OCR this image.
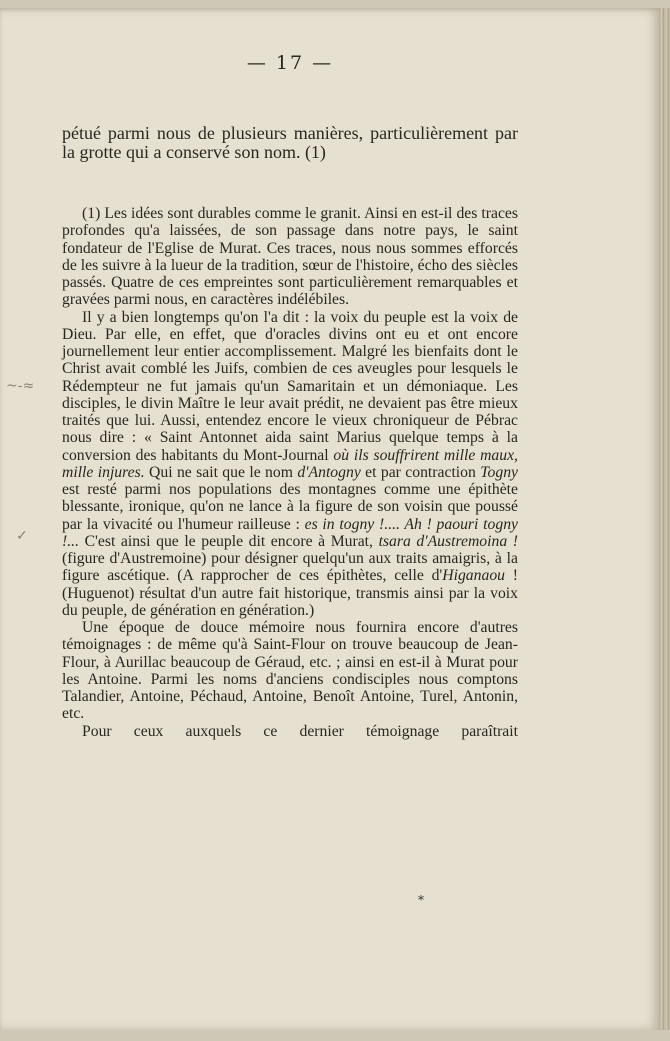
— 17 —

pétué parmi nous de plusieurs manières, particulièrement par la grotte qui a conservé son nom. (1)

(1) Les idées sont durables comme le granit. Ainsi en est-il des traces profondes qu'a laissées, de son passage dans notre pays, le saint fondateur de l'Eglise de Murat. Ces traces, nous nous sommes efforcés de les suivre à la lueur de la tradition, sœur de l'histoire, écho des siècles passés. Quatre de ces empreintes sont particulièrement remarquables et gravées parmi nous, en caractères indélébiles.

Il y a bien longtemps qu'on l'a dit : la voix du peuple est la voix de Dieu. Par elle, en effet, que d'oracles divins ont eu et ont encore journellement leur entier accomplissement. Malgré les bienfaits dont le Christ avait comblé les Juifs, combien de ces aveugles pour lesquels le Rédempteur ne fut jamais qu'un Samaritain et un démoniaque. Les disciples, le divin Maître le leur avait prédit, ne devaient pas être mieux traités que lui. Aussi, entendez encore le vieux chroniqueur de Pébrac nous dire : « Saint Antonnet aida saint Marius quelque temps à la conversion des habitants du Mont-Journal où ils souffrirent mille maux, mille injures. Qui ne sait que le nom d'Antogny et par contraction Togny est resté parmi nos populations des montagnes comme une épithète blessante, ironique, qu'on ne lance à la figure de son voisin que poussé par la vivacité ou l'humeur railleuse : es in togny !.... Ah ! paouri togny !... C'est ainsi que le peuple dit encore à Murat, tsara d'Austremoina ! (figure d'Austremoine) pour désigner quelqu'un aux traits amaigris, à la figure ascétique. (A rapprocher de ces épithètes, celle d'Higanaou ! (Huguenot) résultat d'un autre fait historique, transmis ainsi par la voix du peuple, de génération en génération.)

Une époque de douce mémoire nous fournira encore d'autres témoignages : de même qu'à Saint-Flour on trouve beaucoup de Jean-Flour, à Aurillac beaucoup de Géraud, etc. ; ainsi en est-il à Murat pour les Antoine. Parmi les noms d'anciens condisciples nous comptons Talandier, Antoine, Péchaud, Antoine, Benoît Antoine, Turel, Antonin, etc.

Pour ceux auxquels ce dernier témoignage paraîtrait

*
~-≈
✓
